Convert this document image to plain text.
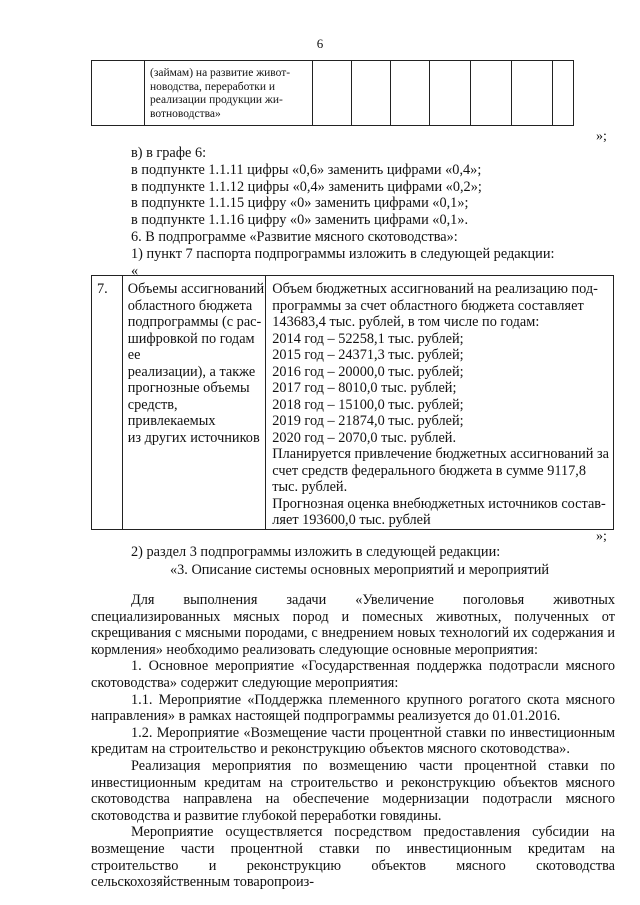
6

(займам) на развитие живот-
новодства, переработки и
реализации продукции жи-
вотноводства»

»;
в) в графе 6:
в подпункте 1.1.11 цифры «0,6» заменить цифрами «0,4»;
в подпункте 1.1.12 цифры «0,4» заменить цифрами «0,2»;
в подпункте 1.1.15 цифру «0» заменить цифрами «0,1»;
в подпункте 1.1.16 цифру «0» заменить цифрами «0,1».
6. В подпрограмме «Развитие мясного скотоводства»:
1) пункт 7 паспорта подпрограммы изложить в следующей редакции:
«
7.	Объемы ассигнований
областного бюджета
подпрограммы (с рас-
шифровкой по годам ее
реализации), а также
прогнозные объемы
средств, привлекаемых
из других источников

Объем бюджетных ассигнований на реализацию под-
программы за счет областного бюджета составляет
143683,4 тыс. рублей, в том числе по годам:
2014 год – 52258,1 тыс. рублей;
2015 год – 24371,3 тыс. рублей;
2016 год – 20000,0 тыс. рублей;
2017 год – 8010,0 тыс. рублей;
2018 год – 15100,0 тыс. рублей;
2019 год – 21874,0 тыс. рублей;
2020 год – 2070,0 тыс. рублей.
Планируется привлечение бюджетных ассигнований за
счет средств федерального бюджета в сумме 9117,8
тыс. рублей.
Прогнозная оценка внебюджетных источников состав-
ляет 193600,0 тыс. рублей
»;
2) раздел 3 подпрограммы изложить в следующей редакции:
«3. Описание системы основных мероприятий и мероприятий

Для выполнения задачи «Увеличение поголовья животных специализированных мясных пород и помесных животных, полученных от скрещивания с мясными породами, с внедрением новых технологий их содержания и кормления» необходимо реализовать следующие основные мероприятия:

1. Основное мероприятие «Государственная поддержка подотрасли мясного скотоводства» содержит следующие мероприятия:

1.1. Мероприятие «Поддержка племенного крупного рогатого скота мясного направления» в рамках настоящей подпрограммы реализуется до 01.01.2016.

1.2. Мероприятие «Возмещение части процентной ставки по инвестиционным кредитам на строительство и реконструкцию объектов мясного скотоводства».

Реализация мероприятия по возмещению части процентной ставки по инвестиционным кредитам на строительство и реконструкцию объектов мясного скотоводства направлена на обеспечение модернизации подотрасли мясного скотоводства и развитие глубокой переработки говядины.

Мероприятие осуществляется посредством предоставления субсидии на возмещение части процентной ставки по инвестиционным кредитам на строительство и реконструкцию объектов мясного скотоводства сельскохозяйственным товаропроиз-
